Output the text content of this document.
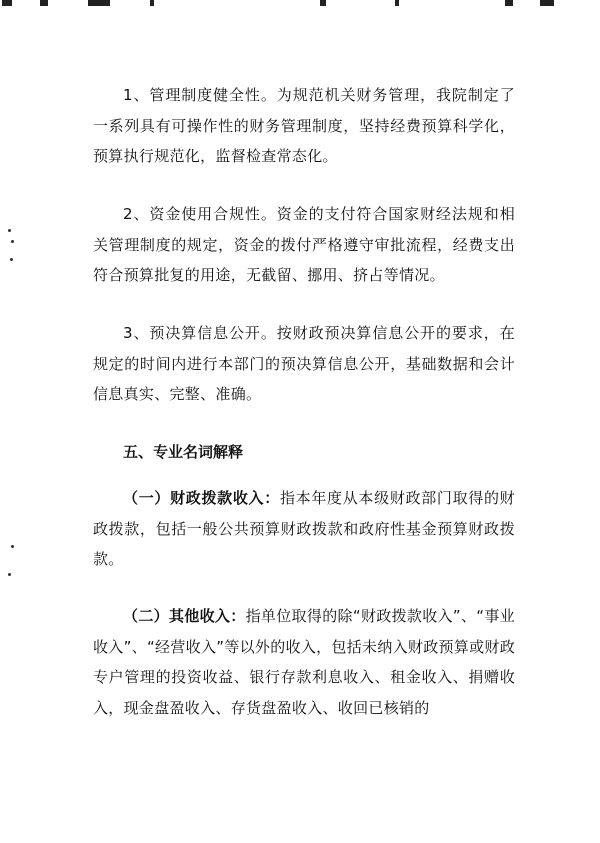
1、管理制度健全性。为规范机关财务管理，我院制定了一系列具有可操作性的财务管理制度，坚持经费预算科学化，预算执行规范化，监督检查常态化。

2、资金使用合规性。资金的支付符合国家财经法规和相关管理制度的规定，资金的拨付严格遵守审批流程，经费支出符合预算批复的用途，无截留、挪用、挤占等情况。

3、预决算信息公开。按财政预决算信息公开的要求，在规定的时间内进行本部门的预决算信息公开，基础数据和会计信息真实、完整、准确。

五、专业名词解释

（一）财政拨款收入：指本年度从本级财政部门取得的财政拨款，包括一般公共预算财政拨款和政府性基金预算财政拨款。

（二）其他收入：指单位取得的除“财政拨款收入”、“事业收入”、“经营收入”等以外的收入，包括未纳入财政预算或财政专户管理的投资收益、银行存款利息收入、租金收入、捐赠收入，现金盘盈收入、存货盘盈收入、收回已核销的
